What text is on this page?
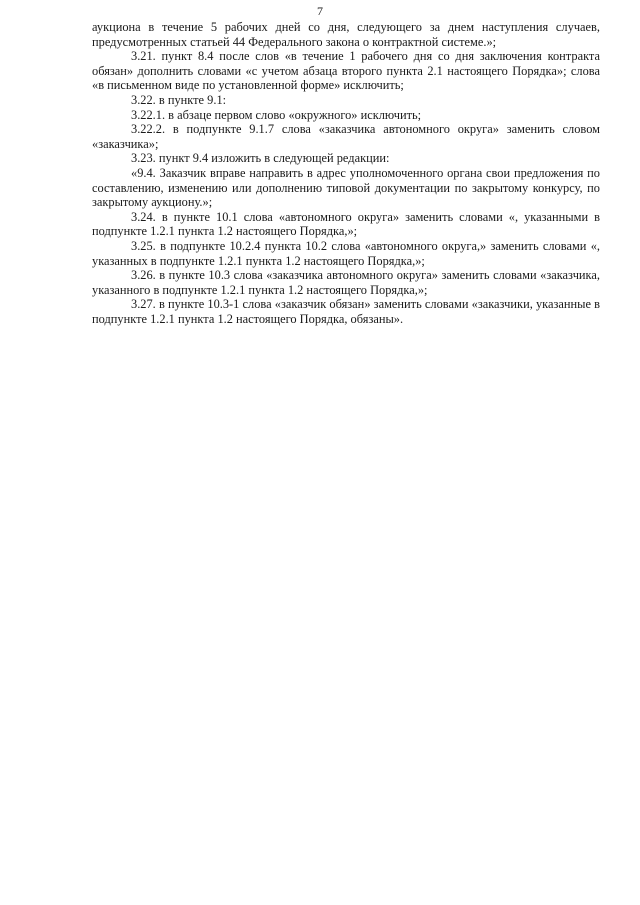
7

аукциона в течение 5 рабочих дней со дня, следующего за днем наступления случаев, предусмотренных статьей 44 Федерального закона о контрактной системе.»;

3.21. пункт 8.4 после слов «в течение 1 рабочего дня со дня заключения контракта обязан» дополнить словами «с учетом абзаца второго пункта 2.1 настоящего Порядка»; слова «в письменном виде по установленной форме» исключить;

3.22. в пункте 9.1:

3.22.1. в абзаце первом слово «окружного» исключить;

3.22.2. в подпункте 9.1.7 слова «заказчика автономного округа» заменить словом «заказчика»;

3.23. пункт 9.4 изложить в следующей редакции:

«9.4. Заказчик вправе направить в адрес уполномоченного органа свои предложения по составлению, изменению или дополнению типовой документации по закрытому конкурсу, по закрытому аукциону.»;

3.24. в пункте 10.1 слова «автономного округа» заменить словами «, указанными в подпункте 1.2.1 пункта 1.2 настоящего Порядка,»;

3.25. в подпункте 10.2.4 пункта 10.2 слова «автономного округа,» заменить словами «, указанных в подпункте 1.2.1 пункта 1.2 настоящего Порядка,»;

3.26. в пункте 10.3 слова «заказчика автономного округа» заменить словами «заказчика, указанного в подпункте 1.2.1 пункта 1.2 настоящего Порядка,»;

3.27. в пункте 10.3-1 слова «заказчик обязан» заменить словами «заказчики, указанные в подпункте 1.2.1 пункта 1.2 настоящего Порядка, обязаны».
